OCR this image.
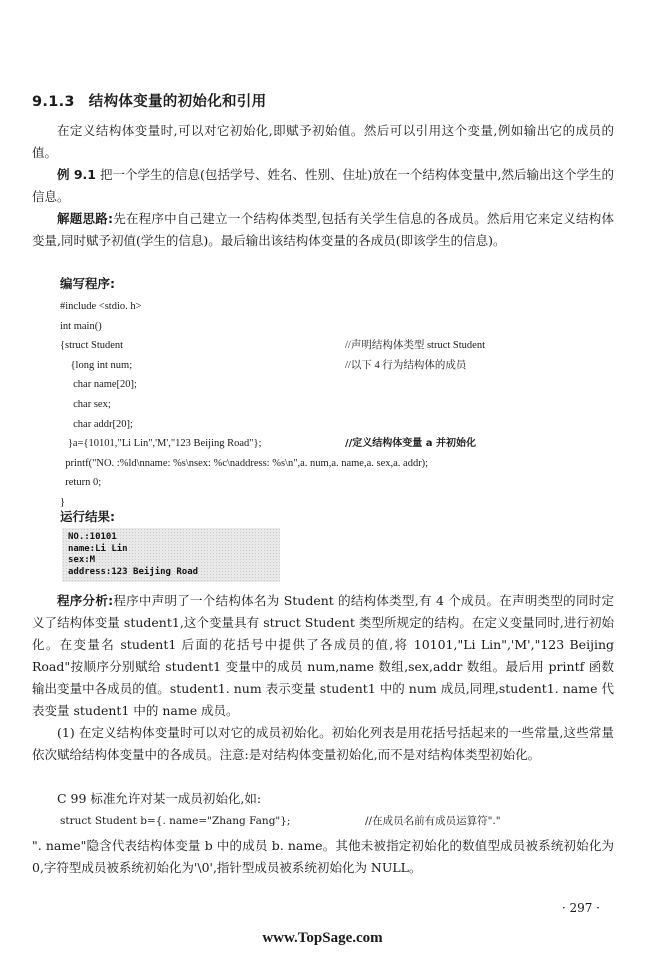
9.1.3 结构体变量的初始化和引用
在定义结构体变量时,可以对它初始化,即赋予初始值。然后可以引用这个变量,例如输出它的成员的值。
例 9.1 把一个学生的信息(包括学号、姓名、性别、住址)放在一个结构体变量中,然后输出这个学生的信息。
解题思路:先在程序中自己建立一个结构体类型,包括有关学生信息的各成员。然后用它来定义结构体变量,同时赋予初值(学生的信息)。最后输出该结构体变量的各成员(即该学生的信息)。
编写程序:
#include <stdio. h>
int main()
{struct Student	//声明结构体类型 struct Student
{long int num;	//以下 4 行为结构体的成员
char name[20];
char sex;
char addr[20];
}a={10101,"Li Lin",'M',"123 Beijing Road"};	//定义结构体变量 a 并初始化
printf("NO. :%ld\nname: %s\nsex: %c\naddress: %s\n",a. num,a. name,a. sex,a. addr);
return 0;
}
运行结果:
NO.:10101
name:Li Lin
sex:M
address:123 Beijing Road
程序分析:程序中声明了一个结构体名为 Student 的结构体类型,有 4 个成员。在声明类型的同时定义了结构体变量 student1,这个变量具有 struct Student 类型所规定的结构。在定义变量同时,进行初始化。在变量名 student1 后面的花括号中提供了各成员的值,将 10101,"Li Lin",'M',"123 Beijing Road"按顺序分别赋给 student1 变量中的成员 num,name 数组,sex,addr 数组。最后用 printf 函数输出变量中各成员的值。student1. num 表示变量 student1 中的 num 成员,同理,student1. name 代表变量 student1 中的 name 成员。
(1) 在定义结构体变量时可以对它的成员初始化。初始化列表是用花括号括起来的一些常量,这些常量依次赋给结构体变量中的各成员。注意:是对结构体变量初始化,而不是对结构体类型初始化。
C 99 标准允许对某一成员初始化,如:
struct Student b={. name="Zhang Fang"};	//在成员名前有成员运算符"."
". name"隐含代表结构体变量 b 中的成员 b. name。其他未被指定初始化的数值型成员被系统初始化为 0,字符型成员被系统初始化为'\0',指针型成员被系统初始化为 NULL。
· 297 ·
www.TopSage.com
